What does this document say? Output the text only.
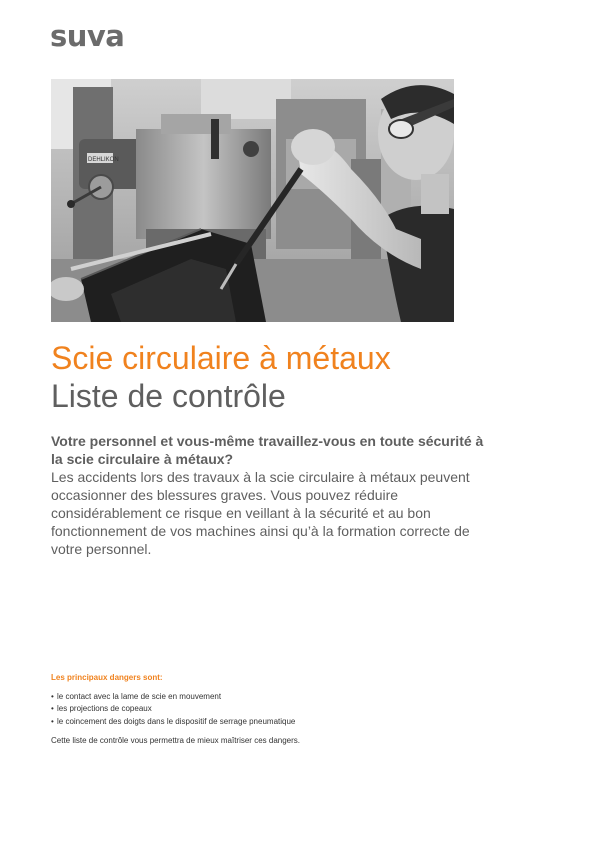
suva
DEHLIKON
Scie circulaire à métaux
Liste de contrôle

Votre personnel et vous-même travaillez-vous en toute sécurité à la scie circulaire à métaux?

Les accidents lors des travaux à la scie circulaire à métaux peuvent occasionner des blessures graves. Vous pouvez réduire considérablement ce risque en veillant à la sécurité et au bon fonctionnement de vos machines ainsi qu’à la formation correcte de votre personnel.

Les principaux dangers sont:

• le contact avec la lame de scie en mouvement
• les projections de copeaux
• le coincement des doigts dans le dispositif de serrage pneumatique

Cette liste de contrôle vous permettra de mieux maîtriser ces dangers.
